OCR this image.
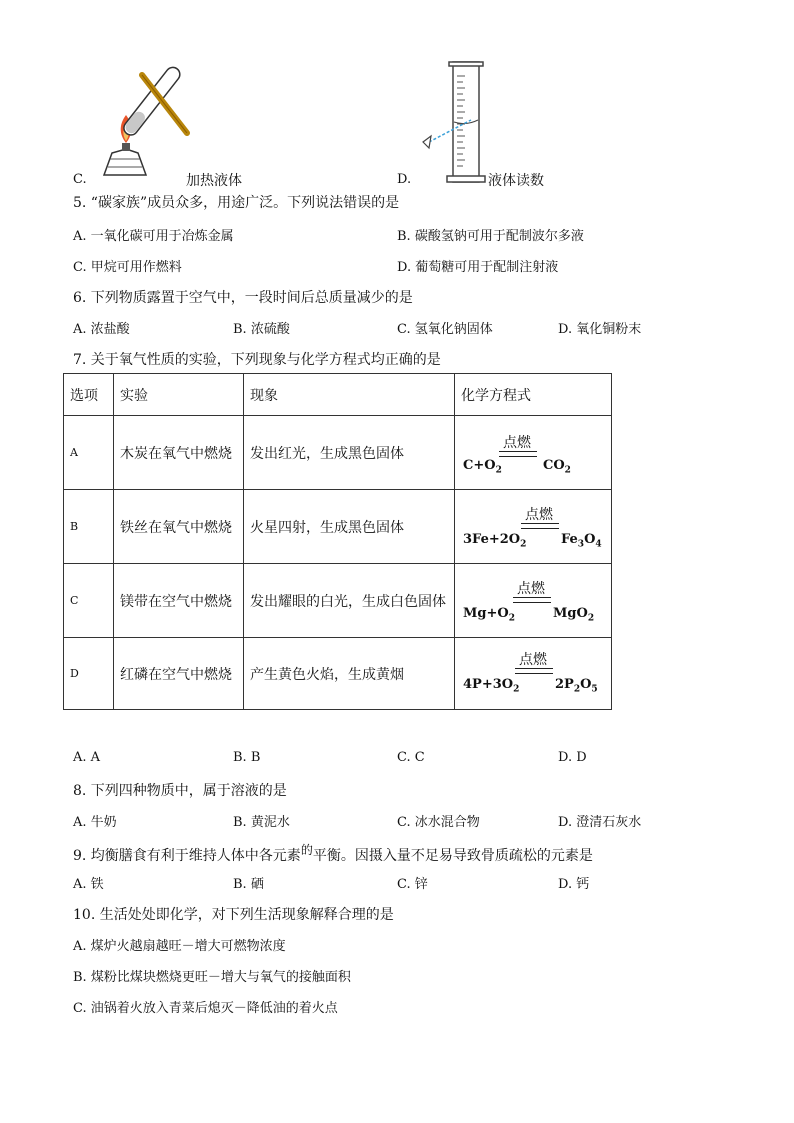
C.	加热液体	D.	液体读数
5. “碳家族”成员众多，用途广泛。下列说法错误的是
A. 一氧化碳可用于冶炼金属	B. 碳酸氢钠可用于配制波尔多液
C. 甲烷可用作燃料	D. 葡萄糖可用于配制注射液
6. 下列物质露置于空气中，一段时间后总质量减少的是
A. 浓盐酸	B. 浓硫酸	C. 氢氧化钠固体	D. 氧化铜粉末
7. 关于氧气性质的实验，下列现象与化学方程式均正确的是
选项	实验	现象	化学方程式
A	木炭在氧气中燃烧	发出红光，生成黑色固体	点燃
$C+O_2$ $CO_2$

B	铁丝在氧气中燃烧	火星四射，生成黑色固体	点燃
$3Fe+2O_2$ $Fe_3O_4$

C	镁带在空气中燃烧	发出耀眼的白光，生成白色固体	点燃
$Mg+O_2$ MgO$_2$

D	红磷在空气中燃烧	产生黄色火焰，生成黄烟	点燃
$4P+3O_2$ $2P_2O_5$
A. A	B. B	C. C	D. D
8. 下列四种物质中，属于溶液的是
A. 牛奶	B. 黄泥水	C. 冰水混合物	D. 澄清石灰水
9. 均衡膳食有利于维持人体中各元素的平衡。因摄入量不足易导致骨质疏松的元素是
A. 铁	B. 硒	C. 锌	D. 钙
10. 生活处处即化学，对下列生活现象解释合理的是
A. 煤炉火越扇越旺－增大可燃物浓度
B. 煤粉比煤块燃烧更旺－增大与氧气的接触面积
C. 油锅着火放入青菜后熄灭－降低油的着火点
